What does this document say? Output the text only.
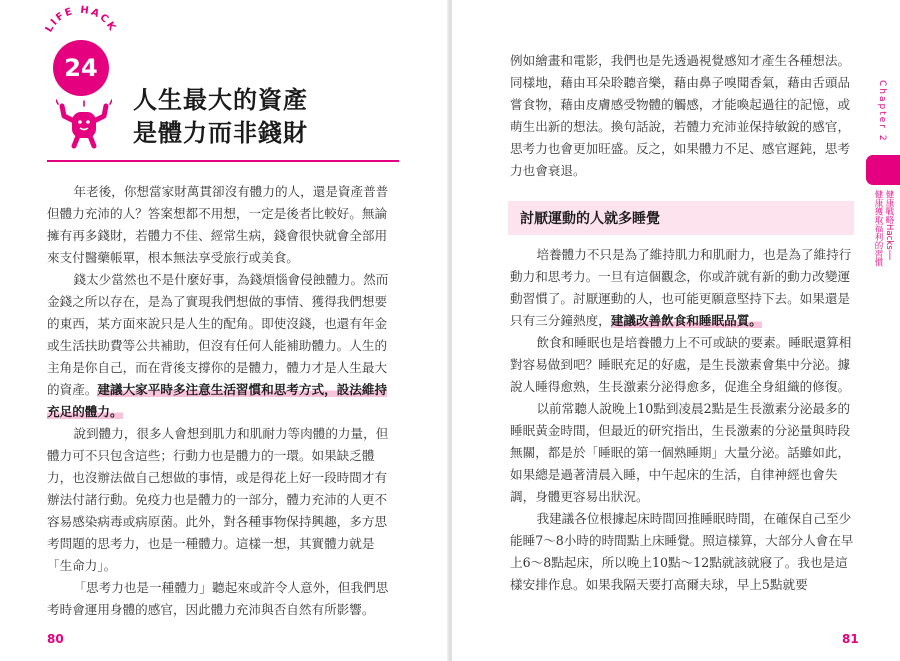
LIFE HACK
24
人生最大的資產
是體力而非錢財

年老後，你想當家財萬貫卻沒有體力的人，還是資產普普但體力充沛的人？答案想都不用想，一定是後者比較好。無論擁有再多錢財，若體力不佳、經常生病，錢會很快就會全部用來支付醫藥帳單，根本無法享受旅行或美食。

錢太少當然也不是什麼好事，為錢煩惱會侵蝕體力。然而金錢之所以存在，是為了實現我們想做的事情、獲得我們想要的東西，某方面來說只是人生的配角。即使沒錢，也還有年金或生活扶助費等公共補助，但沒有任何人能補助體力。人生的主角是你自己，而在背後支撐你的是體力，體力才是人生最大的資產。建議大家平時多注意生活習慣和思考方式，設法維持充足的體力。

說到體力，很多人會想到肌力和肌耐力等肉體的力量，但體力可不只包含這些；行動力也是體力的一環。如果缺乏體力，也沒辦法做自己想做的事情，或是得花上好一段時間才有辦法付諸行動。免疫力也是體力的一部分，體力充沛的人更不容易感染病毒或病原菌。此外，對各種事物保持興趣，多方思考問題的思考力，也是一種體力。這樣一想，其實體力就是「生命力」。

「思考力也是一種體力」聽起來或許令人意外，但我們思考時會運用身體的感官，因此體力充沛與否自然有所影響。

80

例如繪畫和電影，我們也是先透過視覺感知才產生各種想法。同樣地，藉由耳朵聆聽音樂，藉由鼻子嗅聞香氣，藉由舌頭品嘗食物，藉由皮膚感受物體的觸感，才能喚起過往的記憶，或萌生出新的想法。換句話說，若體力充沛並保持敏銳的感官，思考力也會更加旺盛。反之，如果體力不足、感官遲鈍，思考力也會衰退。

討厭運動的人就多睡覺

培養體力不只是為了維持肌力和肌耐力，也是為了維持行動力和思考力。一旦有這個觀念，你或許就有新的動力改變運動習慣了。討厭運動的人，也可能更願意堅持下去。如果還是只有三分鐘熱度，建議改善飲食和睡眠品質。

飲食和睡眠也是培養體力上不可或缺的要素。睡眠還算相對容易做到吧？睡眠充足的好處，是生長激素會集中分泌。據說人睡得愈熟，生長激素分泌得愈多，促進全身組織的修復。

以前常聽人說晚上10點到凌晨2點是生長激素分泌最多的睡眠黃金時間，但最近的研究指出，生長激素的分泌量與時段無關，都是於「睡眠的第一個熟睡期」大量分泌。話雖如此，如果總是過著清晨入睡，中午起床的生活，自律神經也會失調，身體更容易出狀況。

我建議各位根據起床時間回推睡眠時間，在確保自己至少能睡7～8小時的時間點上床睡覺。照這樣算，大部分人會在早上6～8點起床，所以晚上10點～12點就該就寢了。我也是這樣安排作息。如果我隔天要打高爾夫球，早上5點就要

Chapter 2
健康戰略Hacks──
健康獲取福利的習慣
81
